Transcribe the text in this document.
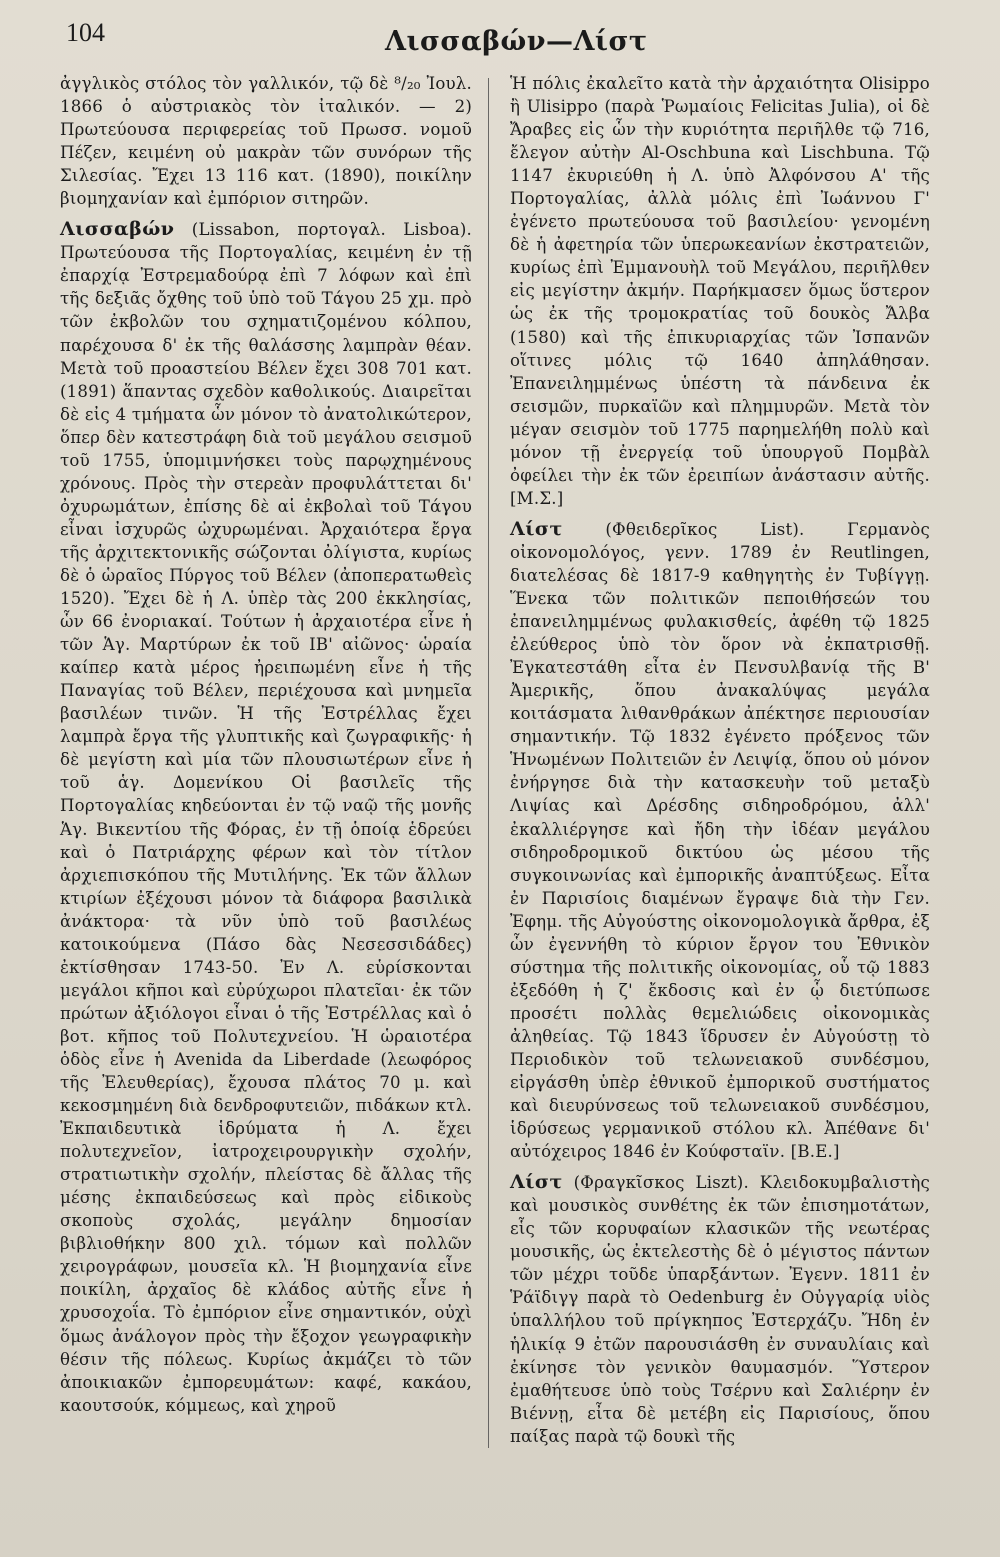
104	Λισσαβών—Λίστ

ἀγγλικὸς στόλος τὸν γαλλικόν, τῷ δὲ ⁸/₂₀ Ἰουλ. 1866 ὁ αὐστριακὸς τὸν ἰταλικόν. — 2) Πρωτεύουσα περιφερείας τοῦ Πρωσσ. νομοῦ Πέζεν, κειμένη οὐ μακρὰν τῶν συνόρων τῆς Σιλεσίας. Ἔχει 13 116 κατ. (1890), ποικίλην βιομηχανίαν καὶ ἐμπόριον σιτηρῶν.

Λισσαβών (Lissabon, πορτογαλ. Lisboa). Πρωτεύουσα τῆς Πορτογαλίας, κειμένη ἐν τῇ ἐπαρχίᾳ Ἐστρεμαδούρᾳ ἐπὶ 7 λόφων καὶ ἐπὶ τῆς δεξιᾶς ὄχθης τοῦ ὑπὸ τοῦ Τάγου 25 χμ. πρὸ τῶν ἐκβολῶν του σχηματιζομένου κόλπου, παρέχουσα δ' ἐκ τῆς θαλάσσης λαμπρὰν θέαν. Μετὰ τοῦ προαστείου Βέλεν ἔχει 308 701 κατ. (1891) ἅπαντας σχεδὸν καθολικούς. Διαιρεῖται δὲ εἰς 4 τμήματα ὧν μόνον τὸ ἀνατολικώτερον, ὅπερ δὲν κατεστράφη διὰ τοῦ μεγάλου σεισμοῦ τοῦ 1755, ὑπομιμνήσκει τοὺς παρῳχημένους χρόνους. Πρὸς τὴν στερεὰν προφυλάττεται δι' ὀχυρωμάτων, ἐπίσης δὲ αἱ ἐκβολαὶ τοῦ Τάγου εἶναι ἰσχυρῶς ὠχυρωμέναι. Ἀρχαιότερα ἔργα τῆς ἀρχιτεκτονικῆς σώζονται ὀλίγιστα, κυρίως δὲ ὁ ὡραῖος Πύργος τοῦ Βέλεν (ἀποπερατωθεὶς 1520). Ἔχει δὲ ἡ Λ. ὑπὲρ τὰς 200 ἐκκλησίας, ὧν 66 ἐνοριακαί. Τούτων ἡ ἀρχαιοτέρα εἶνε ἡ τῶν Ἁγ. Μαρτύρων ἐκ τοῦ ΙΒ' αἰῶνος· ὡραία καίπερ κατὰ μέρος ἠρειπωμένη εἶνε ἡ τῆς Παναγίας τοῦ Βέλεν, περιέχουσα καὶ μνημεῖα βασιλέων τινῶν. Ἡ τῆς Ἐστρέλλας ἔχει λαμπρὰ ἔργα τῆς γλυπτικῆς καὶ ζωγραφικῆς· ἡ δὲ μεγίστη καὶ μία τῶν πλουσιωτέρων εἶνε ἡ τοῦ ἁγ. Δομενίκου Οἱ βασιλεῖς τῆς Πορτογαλίας κηδεύονται ἐν τῷ ναῷ τῆς μονῆς Ἁγ. Βικεντίου τῆς Φόρας, ἐν τῇ ὁποίᾳ ἑδρεύει καὶ ὁ Πατριάρχης φέρων καὶ τὸν τίτλον ἀρχιεπισκόπου τῆς Μυτιλήνης. Ἐκ τῶν ἄλλων κτιρίων ἐξέχουσι μόνον τὰ διάφορα βασιλικὰ ἀνάκτορα· τὰ νῦν ὑπὸ τοῦ βασιλέως κατοικούμενα (Πάσο δὰς Νεσεσσιδάδες) ἐκτίσθησαν 1743-50. Ἐν Λ. εὑρίσκονται μεγάλοι κῆποι καὶ εὐρύχωροι πλατεῖαι· ἐκ τῶν πρώτων ἀξιόλογοι εἶναι ὁ τῆς Ἐστρέλλας καὶ ὁ βοτ. κῆπος τοῦ Πολυτεχνείου. Ἡ ὡραιοτέρα ὁδὸς εἶνε ἡ Avenida da Liberdade (λεωφόρος τῆς Ἐλευθερίας), ἔχουσα πλάτος 70 μ. καὶ κεκοσμημένη διὰ δενδροφυτειῶν, πιδάκων κτλ. Ἐκπαιδευτικὰ ἱδρύματα ἡ Λ. ἔχει πολυτεχνεῖον, ἰατροχειρουργικὴν σχολήν, στρατιωτικὴν σχολήν, πλείστας δὲ ἄλλας τῆς μέσης ἐκπαιδεύσεως καὶ πρὸς εἰδικοὺς σκοποὺς σχολάς, μεγάλην δημοσίαν βιβλιοθήκην 800 χιλ. τόμων καὶ πολλῶν χειρογράφων, μουσεῖα κλ. Ἡ βιομηχανία εἶνε ποικίλη, ἀρχαῖος δὲ κλάδος αὐτῆς εἶνε ἡ χρυσοχοΐα. Τὸ ἐμπόριον εἶνε σημαντικόν, οὐχὶ ὅμως ἀνάλογον πρὸς τὴν ἔξοχον γεωγραφικὴν θέσιν τῆς πόλεως. Κυρίως ἀκμάζει τὸ τῶν ἀποικιακῶν ἐμπορευμάτων: καφέ, κακάου, καουτσούκ, κόμμεως, καὶ χηροῦ

Ἡ πόλις ἐκαλεῖτο κατὰ τὴν ἀρχαιότητα Olisippo ἢ Ulisippo (παρὰ Ῥωμαίοις Felicitas Julia), οἱ δὲ Ἄραβες εἰς ὧν τὴν κυριότητα περιῆλθε τῷ 716, ἔλεγον αὐτὴν Al-Oschbuna καὶ Lischbuna. Τῷ 1147 ἐκυριεύθη ἡ Λ. ὑπὸ Ἀλφόνσου Α' τῆς Πορτογαλίας, ἀλλὰ μόλις ἐπὶ Ἰωάννου Γ' ἐγένετο πρωτεύουσα τοῦ βασιλείου· γενομένη δὲ ἡ ἀφετηρία τῶν ὑπερωκεανίων ἐκστρατειῶν, κυρίως ἐπὶ Ἐμμανουὴλ τοῦ Μεγάλου, περιῆλθεν εἰς μεγίστην ἀκμήν. Παρήκμασεν ὅμως ὕστερον ὡς ἐκ τῆς τρομοκρατίας τοῦ δουκὸς Ἄλβα (1580) καὶ τῆς ἐπικυριαρχίας τῶν Ἰσπανῶν οἵτινες μόλις τῷ 1640 ἀπηλάθησαν. Ἐπανειλημμένως ὑπέστη τὰ πάνδεινα ἐκ σεισμῶν, πυρκαϊῶν καὶ πλημμυρῶν. Μετὰ τὸν μέγαν σεισμὸν τοῦ 1775 παρημελήθη πολὺ καὶ μόνον τῇ ἐνεργείᾳ τοῦ ὑπουργοῦ Πομβὰλ ὀφείλει τὴν ἐκ τῶν ἐρειπίων ἀνάστασιν αὐτῆς. [Μ.Σ.]

Λίστ (Φθειδερῖκος List). Γερμανὸς οἰκονομολόγος, γενν. 1789 ἐν Reutlingen, διατελέσας δὲ 1817-9 καθηγητὴς ἐν Τυβίγγῃ. Ἕνεκα τῶν πολιτικῶν πεποιθήσεών του ἐπανειλημμένως φυλακισθείς, ἀφέθη τῷ 1825 ἐλεύθερος ὑπὸ τὸν ὅρον νὰ ἐκπατρισθῇ. Ἐγκατεστάθη εἶτα ἐν Πενσυλβανίᾳ τῆς Β' Ἀμερικῆς, ὅπου ἀνακαλύψας μεγάλα κοιτάσματα λιθανθράκων ἀπέκτησε περιουσίαν σημαντικήν. Τῷ 1832 ἐγένετο πρόξενος τῶν Ἡνωμένων Πολιτειῶν ἐν Λειψίᾳ, ὅπου οὐ μόνον ἐνήργησε διὰ τὴν κατασκευὴν τοῦ μεταξὺ Λιψίας καὶ Δρέσδης σιδηροδρόμου, ἀλλ' ἐκαλλιέργησε καὶ ἤδη τὴν ἰδέαν μεγάλου σιδηροδρομικοῦ δικτύου ὡς μέσου τῆς συγκοινωνίας καὶ ἐμπορικῆς ἀναπτύξεως. Εἶτα ἐν Παρισίοις διαμένων ἔγραψε διὰ τὴν Γεν. Ἐφημ. τῆς Αὐγούστης οἰκονομολογικὰ ἄρθρα, ἐξ ὧν ἐγεννήθη τὸ κύριον ἔργον του Ἐθνικὸν σύστημα τῆς πολιτικῆς οἰκονομίας, οὗ τῷ 1883 ἐξεδόθη ἡ ζ' ἔκδοσις καὶ ἐν ᾧ διετύπωσε προσέτι πολλὰς θεμελιώδεις οἰκονομικὰς ἀληθείας. Τῷ 1843 ἵδρυσεν ἐν Αὐγούστῃ τὸ Περιοδικὸν τοῦ τελωνειακοῦ συνδέσμου, εἰργάσθη ὑπὲρ ἐθνικοῦ ἐμπορικοῦ συστήματος καὶ διευρύνσεως τοῦ τελωνειακοῦ συνδέσμου, ἱδρύσεως γερμανικοῦ στόλου κλ. Ἀπέθανε δι' αὐτόχειρος 1846 ἐν Κούφσταϊν. [Β.Ε.]

Λίστ (Φραγκῖσκος Liszt). Κλειδοκυμβαλιστὴς καὶ μουσικὸς συνθέτης ἐκ τῶν ἐπισημοτάτων, εἷς τῶν κορυφαίων κλασικῶν τῆς νεωτέρας μουσικῆς, ὡς ἐκτελεστὴς δὲ ὁ μέγιστος πάντων τῶν μέχρι τοῦδε ὑπαρξάντων. Ἐγενν. 1811 ἐν Ῥάϊδιγγ παρὰ τὸ Oedenburg ἐν Οὐγγαρίᾳ υἱὸς ὑπαλλήλου τοῦ πρίγκηπος Ἐστερχάζυ. Ἤδη ἐν ἡλικίᾳ 9 ἐτῶν παρουσιάσθη ἐν συναυλίαις καὶ ἐκίνησε τὸν γενικὸν θαυμασμόν. Ὕστερον ἐμαθήτευσε ὑπὸ τοὺς Τσέρνυ καὶ Σαλιέρην ἐν Βιέννῃ, εἶτα δὲ μετέβη εἰς Παρισίους, ὅπου παίξας παρὰ τῷ δουκὶ τῆς
